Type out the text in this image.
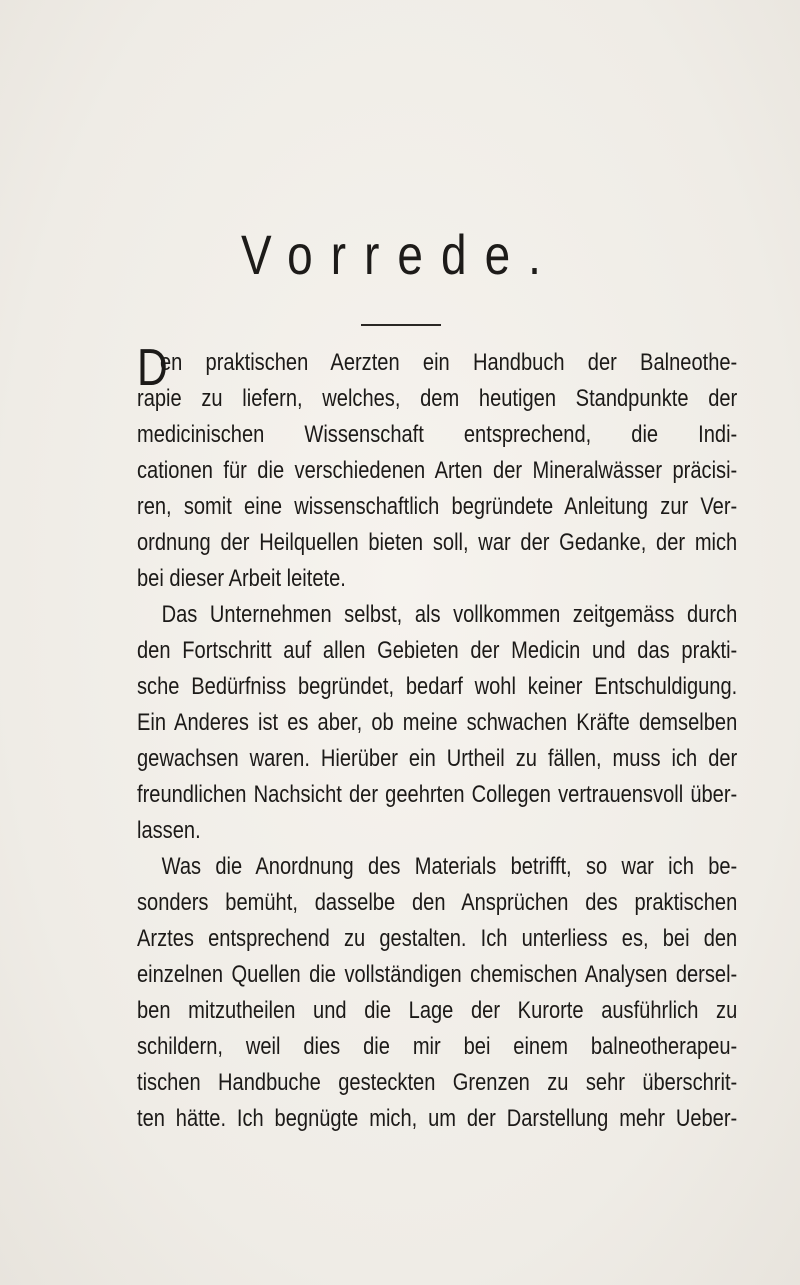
Vorrede.
D
en praktischen Aerzten ein Handbuch der Balneothe-
rapie zu liefern, welches, dem heutigen Standpunkte der
medicinischen Wissenschaft entsprechend, die Indi-
cationen für die verschiedenen Arten der Mineralwässer präcisi-
ren, somit eine wissenschaftlich begründete Anleitung zur Ver-
ordnung der Heilquellen bieten soll, war der Gedanke, der mich
bei dieser Arbeit leitete.
Das Unternehmen selbst, als vollkommen zeitgemäss durch
den Fortschritt auf allen Gebieten der Medicin und das prakti-
sche Bedürfniss begründet, bedarf wohl keiner Entschuldigung.
Ein Anderes ist es aber, ob meine schwachen Kräfte demselben
gewachsen waren. Hierüber ein Urtheil zu fällen, muss ich der
freundlichen Nachsicht der geehrten Collegen vertrauensvoll über-
lassen.
Was die Anordnung des Materials betrifft, so war ich be-
sonders bemüht, dasselbe den Ansprüchen des praktischen
Arztes entsprechend zu gestalten. Ich unterliess es, bei den
einzelnen Quellen die vollständigen chemischen Analysen dersel-
ben mitzutheilen und die Lage der Kurorte ausführlich zu
schildern, weil dies die mir bei einem balneotherapeu-
tischen Handbuche gesteckten Grenzen zu sehr überschrit-
ten hätte. Ich begnügte mich, um der Darstellung mehr Ueber-
